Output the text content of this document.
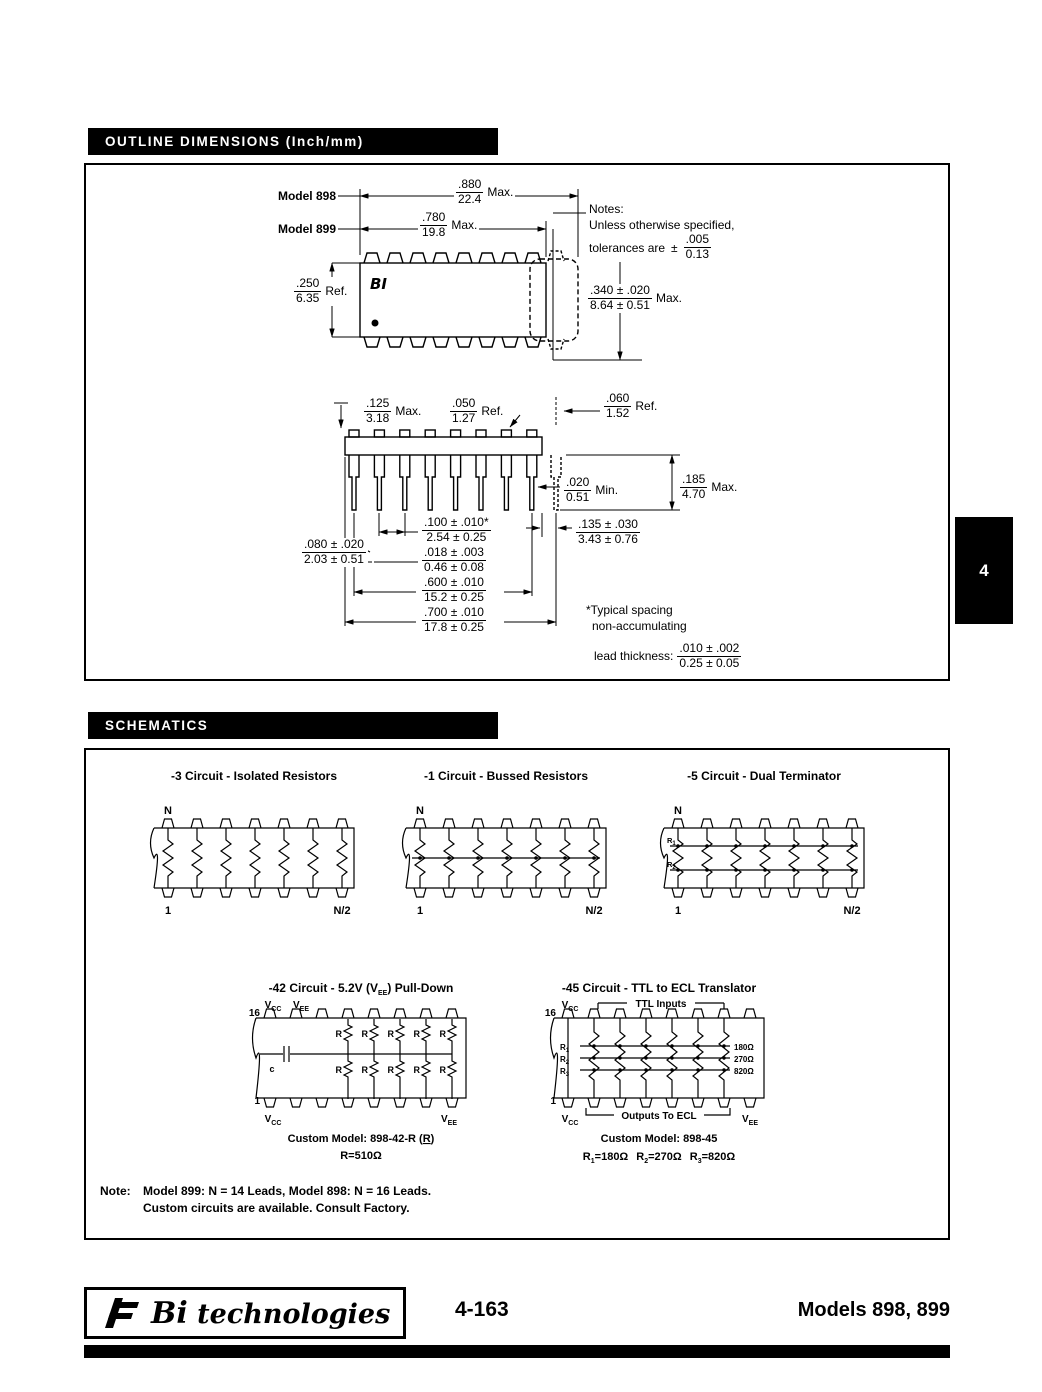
OUTLINE DIMENSIONS (Inch/mm)
BI
Model 898
Model 899
$\frac{.880}{22.4}$ Max.
$\frac{.780}{19.8}$ Max.
Notes:
Unless otherwise specified,
tolerances are ± $\frac{.005}{0.13}$
$\frac{.250}{6.35}$ Ref.	$\frac{.340 \pm .020}{8.64 \pm 0.51}$ Max.
$\frac{.125}{3.18}$ Max. $\frac{.050}{1.27}$ Ref.	$\frac{.060}{1.52}$ Ref.
$\frac{.020}{0.51}$ Min.	$\frac{.185}{4.70}$ Max.
$\frac{.100 \pm .010*}{2.54 \pm 0.25}$
$\frac{.018 \pm .003}{0.46 \pm 0.08}$
$\frac{.600 \pm .010}{15.2 \pm 0.25}$
$\frac{.700 \pm .010}{17.8 \pm 0.25}$
$\frac{.080 \pm .020}{2.03 \pm 0.51}$
$\frac{.135 \pm .030}{3.43 \pm 0.76}$
*Typical spacing
non-accumulating
lead thickness: $\frac{.010 \pm .002}{0.25 \pm 0.05}$
4
SCHEMATICS
-3 Circuit - Isolated Resistors	-1 Circuit - Bussed Resistors	-5 Circuit - Dual Terminator
N	N	N
1	1	1
N/2	N/2	N/2
$R_1$
$R_2$
-42 Circuit - 5.2V $(V_{EE})$ Pull-Down
$V_{CC}$ $V_{EE}$
16
R R R R R
R R R R R
c
1
$V_{CC}$	$V_{EE}$
Custom Model: 898-42-R (R)
R=510Ω
-45 Circuit - TTL to ECL Translator
$V_{CC}$
16
TTL Inputs
$R_1$
$R_2$
$R_3$
180Ω
270Ω
820Ω
1
$V_{CC}$
Outputs To ECL	$V_{EE}$
Custom Model: 898-45
$R_1=180\Omega$ $R_2=270\Omega$ $R_3=820\Omega$
Note: Model 899: N = 14 Leads, Model 898: N = 16 Leads.
Custom circuits are available. Consult Factory.
Bi technologies	4-163	Models 898, 899
